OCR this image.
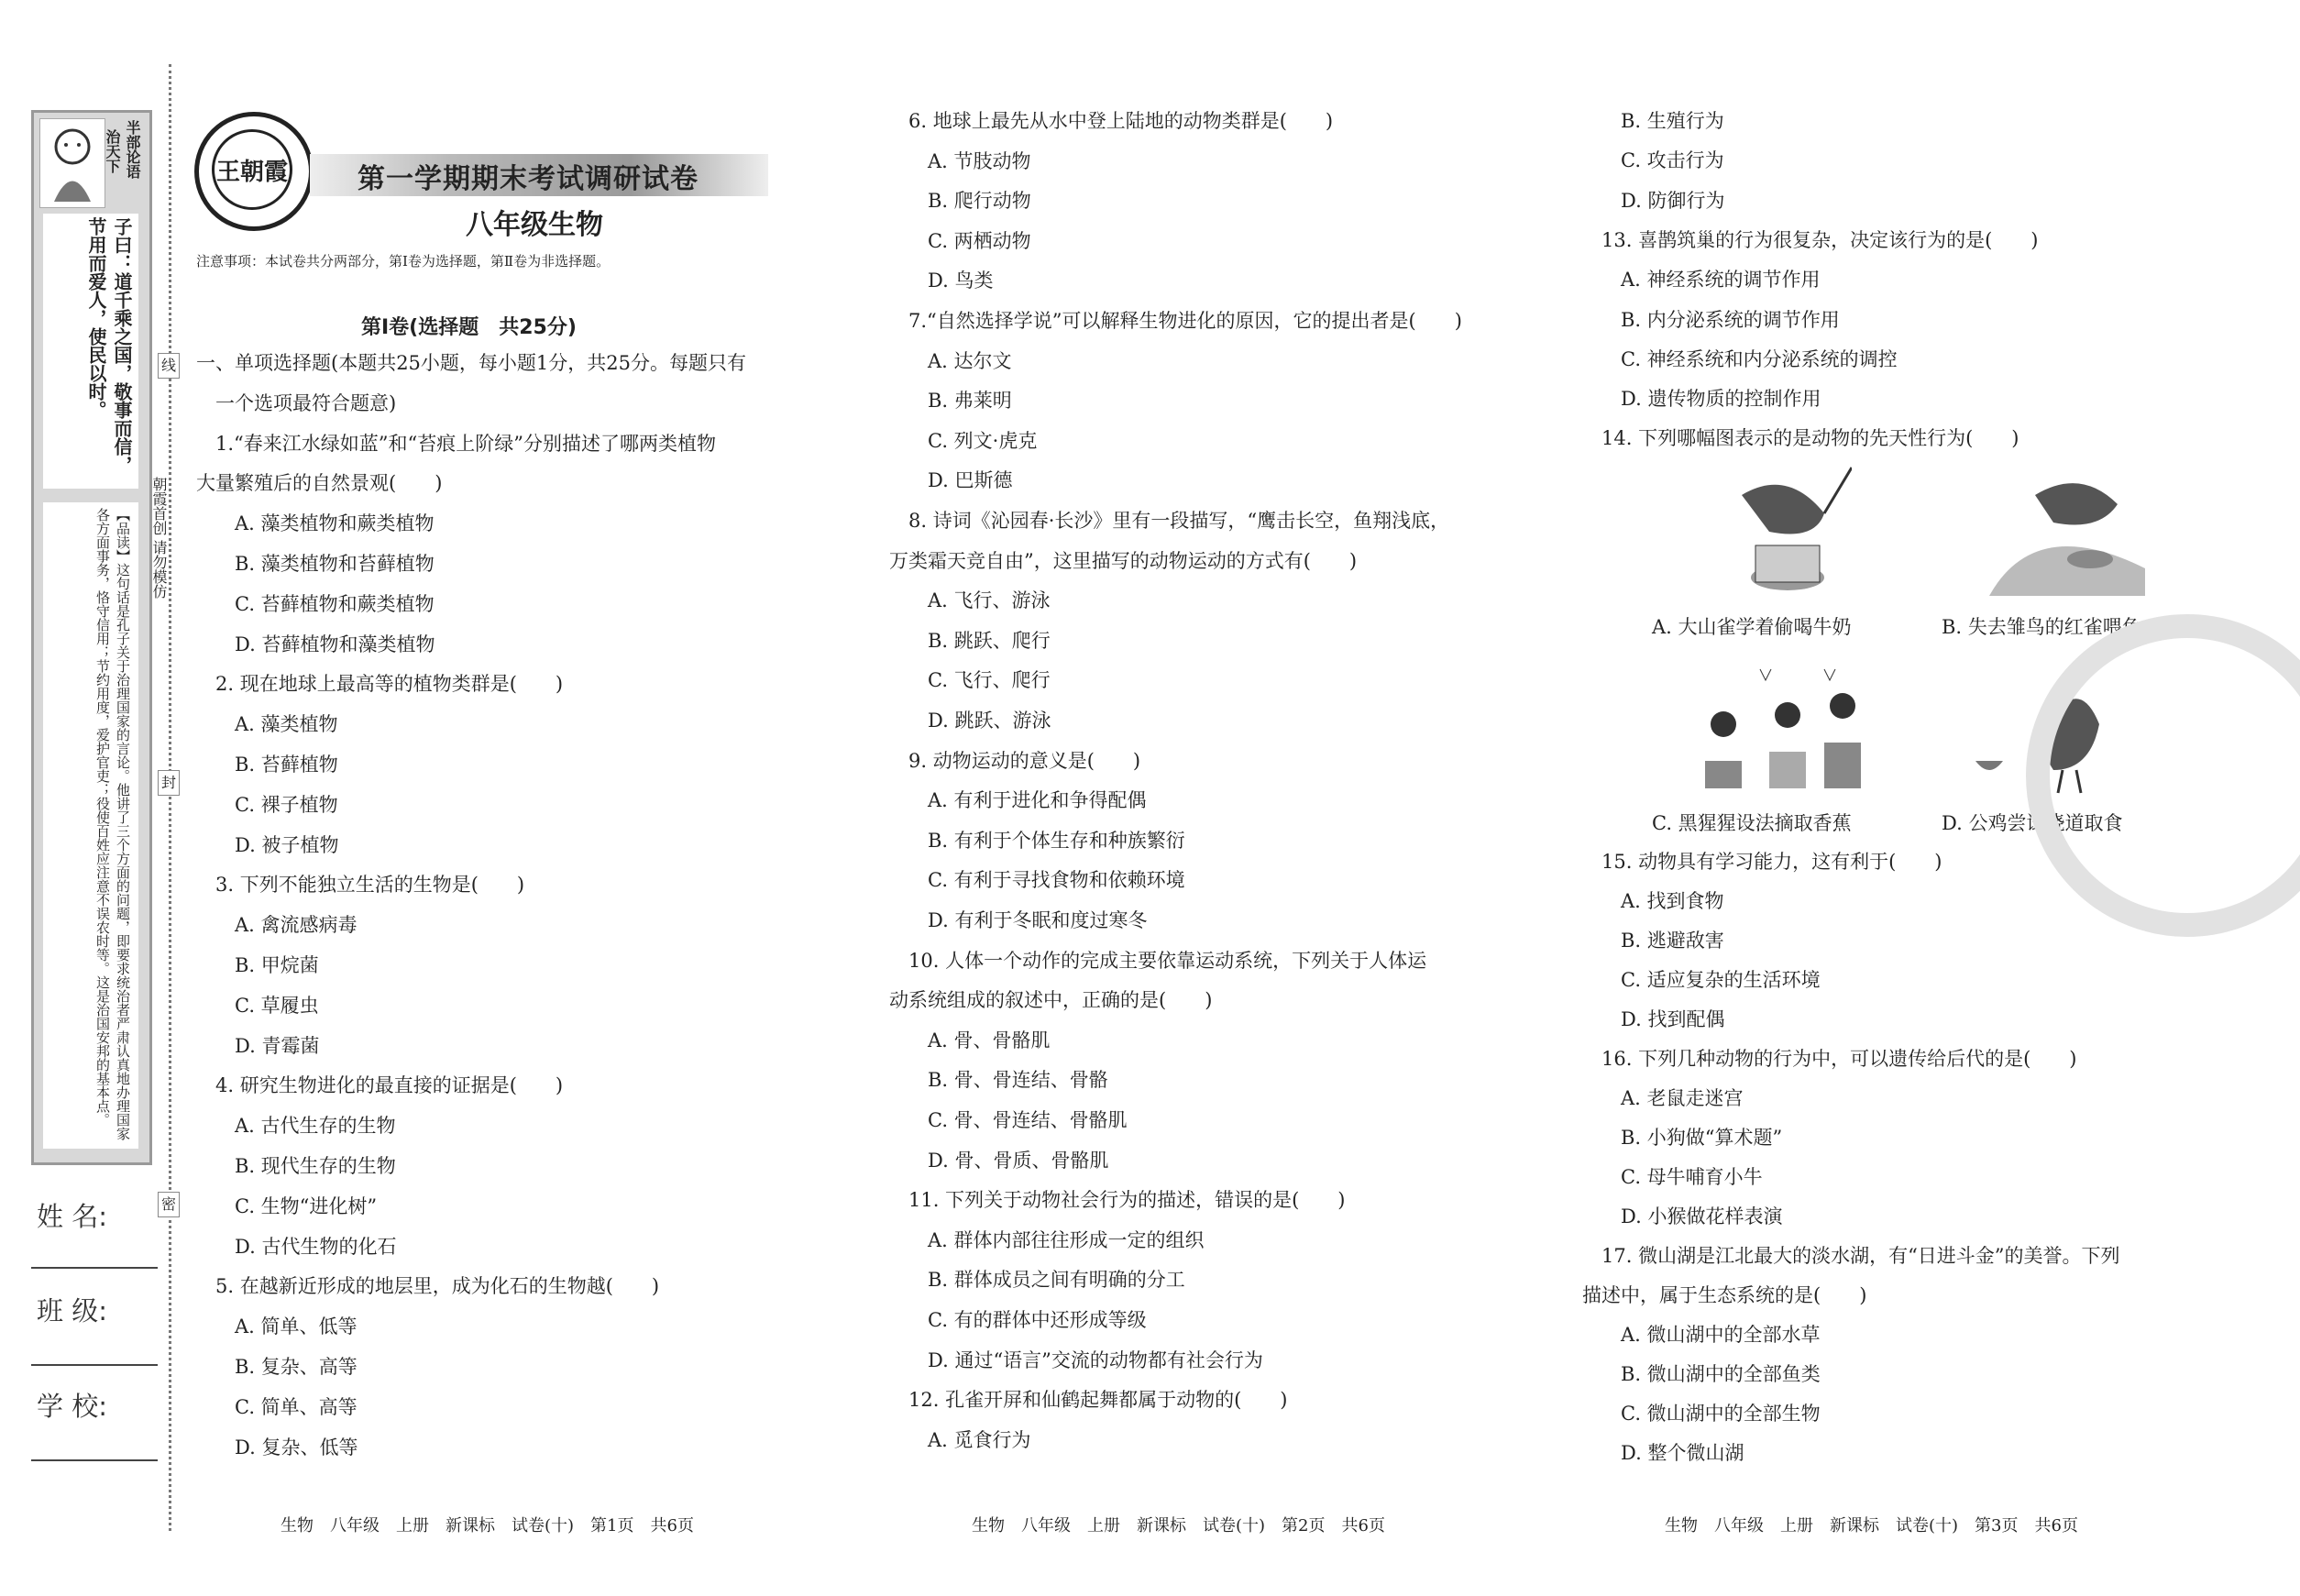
半部论语
治天下
子曰：道千乘之国，敬事而信，节用而爱人，使民以时。
【品读】这句话是孔子关于治理国家的言论。他讲了三个方面的问题，即要求统治者严肃认真地办理国家各方面事务，恪守信用；节约用度，爱护官吏；役使百姓应注意不误农时等。这是治国安邦的基本点。
线
封
密
朝霞首创 请勿模仿
姓 名:
班 级:
学 校:
王朝霞	第一学期期末考试调研试卷
八年级生物
注意事项：本试卷共分两部分，第Ⅰ卷为选择题，第Ⅱ卷为非选择题。
第Ⅰ卷(选择题　共25分)
一、单项选择题(本题共25小题，每小题1分，共25分。每题只有
　一个选项最符合题意)
　1.“春来江水绿如蓝”和“苔痕上阶绿”分别描述了哪两类植物
大量繁殖后的自然景观(　　)
　　A. 藻类植物和蕨类植物
　　B. 藻类植物和苔藓植物
　　C. 苔藓植物和蕨类植物
　　D. 苔藓植物和藻类植物
　2. 现在地球上最高等的植物类群是(　　)
　　A. 藻类植物
　　B. 苔藓植物
　　C. 裸子植物
　　D. 被子植物
　3. 下列不能独立生活的生物是(　　)
　　A. 禽流感病毒
　　B. 甲烷菌
　　C. 草履虫
　　D. 青霉菌
　4. 研究生物进化的最直接的证据是(　　)
　　A. 古代生存的生物
　　B. 现代生存的生物
　　C. 生物“进化树”
　　D. 古代生物的化石
　5. 在越新近形成的地层里，成为化石的生物越(　　)
　　A. 简单、低等
　　B. 复杂、高等
　　C. 简单、高等
　　D. 复杂、低等
　6. 地球上最先从水中登上陆地的动物类群是(　　)
　　A. 节肢动物
　　B. 爬行动物
　　C. 两栖动物
　　D. 鸟类
　7.“自然选择学说”可以解释生物进化的原因，它的提出者是(　　)
　　A. 达尔文
　　B. 弗莱明
　　C. 列文·虎克
　　D. 巴斯德
　8. 诗词《沁园春·长沙》里有一段描写，“鹰击长空，鱼翔浅底，
万类霜天竞自由”，这里描写的动物运动的方式有(　　)
　　A. 飞行、游泳
　　B. 跳跃、爬行
　　C. 飞行、爬行
　　D. 跳跃、游泳
　9. 动物运动的意义是(　　)
　　A. 有利于进化和争得配偶
　　B. 有利于个体生存和种族繁衍
　　C. 有利于寻找食物和依赖环境
　　D. 有利于冬眠和度过寒冬
　10. 人体一个动作的完成主要依靠运动系统，下列关于人体运
动系统组成的叙述中，正确的是(　　)
　　A. 骨、骨骼肌
　　B. 骨、骨连结、骨骼
　　C. 骨、骨连结、骨骼肌
　　D. 骨、骨质、骨骼肌
　11. 下列关于动物社会行为的描述，错误的是(　　)
　　A. 群体内部往往形成一定的组织
　　B. 群体成员之间有明确的分工
　　C. 有的群体中还形成等级
　　D. 通过“语言”交流的动物都有社会行为
　12. 孔雀开屏和仙鹤起舞都属于动物的(　　)
　　A. 觅食行为
　　B. 生殖行为
　　C. 攻击行为
　　D. 防御行为
　13. 喜鹊筑巢的行为很复杂，决定该行为的是(　　)
　　A. 神经系统的调节作用
　　B. 内分泌系统的调节作用
　　C. 神经系统和内分泌系统的调控
　　D. 遗传物质的控制作用
　14. 下列哪幅图表示的是动物的先天性行为(　　)
　15. 动物具有学习能力，这有利于(　　)
　　A. 找到食物
　　B. 逃避敌害
　　C. 适应复杂的生活环境
　　D. 找到配偶
　16. 下列几种动物的行为中，可以遗传给后代的是(　　)
　　A. 老鼠走迷宫
　　B. 小狗做“算术题”
　　C. 母牛哺育小牛
　　D. 小猴做花样表演
　17. 微山湖是江北最大的淡水湖，有“日进斗金”的美誉。下列
描述中，属于生态系统的是(　　)
　　A. 微山湖中的全部水草
　　B. 微山湖中的全部鱼类
　　C. 微山湖中的全部生物
　　D. 整个微山湖
A. 大山雀学着偷喝牛奶	B. 失去雏鸟的红雀喂鱼
C. 黑猩猩设法摘取香蕉	D. 公鸡尝试绕道取食
生物　八年级　上册　新课标　试卷(十)　第1页　共6页	生物　八年级　上册　新课标　试卷(十)　第2页　共6页	生物　八年级　上册　新课标　试卷(十)　第3页　共6页
